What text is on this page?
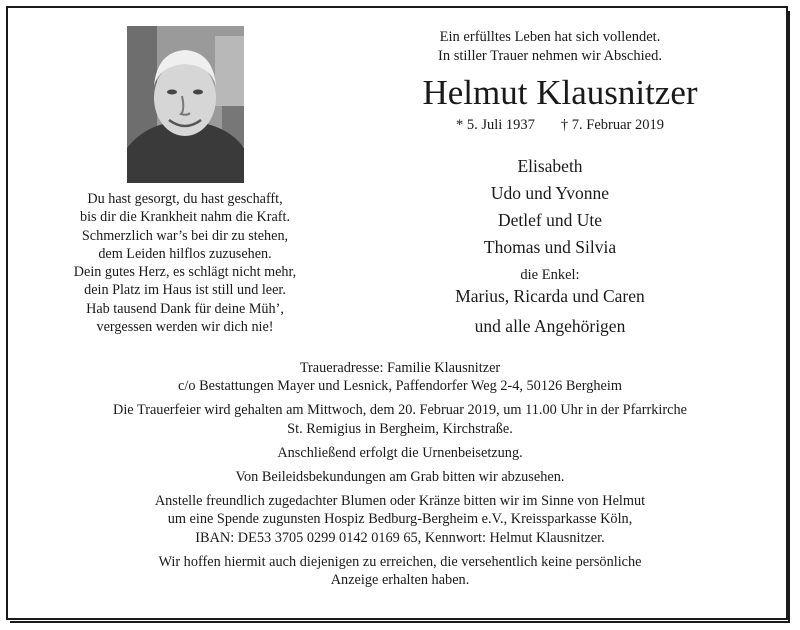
Du hast gesorgt, du hast geschafft,
bis dir die Krankheit nahm die Kraft.
Schmerzlich war’s bei dir zu stehen,
dem Leiden hilflos zuzusehen.
Dein gutes Herz, es schlägt nicht mehr,
dein Platz im Haus ist still und leer.
Hab tausend Dank für deine Müh’,
vergessen werden wir dich nie!
Ein erfülltes Leben hat sich vollendet.
In stiller Trauer nehmen wir Abschied.
Helmut Klausnitzer
* 5. Juli 1937 † 7. Februar 2019
Elisabeth
Udo und Yvonne
Detlef und Ute
Thomas und Silvia
die Enkel:
Marius, Ricarda und Caren
und alle Angehörigen

Traueradresse: Familie Klausnitzer

c/o Bestattungen Mayer und Lesnick, Paffendorfer Weg 2-4, 50126 Bergheim

Die Trauerfeier wird gehalten am Mittwoch, dem 20. Februar 2019, um 11.00 Uhr in der Pfarrkirche

St. Remigius in Bergheim, Kirchstraße.

Anschließend erfolgt die Urnenbeisetzung.

Von Beileidsbekundungen am Grab bitten wir abzusehen.

Anstelle freundlich zugedachter Blumen oder Kränze bitten wir im Sinne von Helmut

um eine Spende zugunsten Hospiz Bedburg-Bergheim e.V., Kreissparkasse Köln,

IBAN: DE53 3705 0299 0142 0169 65, Kennwort: Helmut Klausnitzer.

Wir hoffen hiermit auch diejenigen zu erreichen, die versehentlich keine persönliche

Anzeige erhalten haben.
